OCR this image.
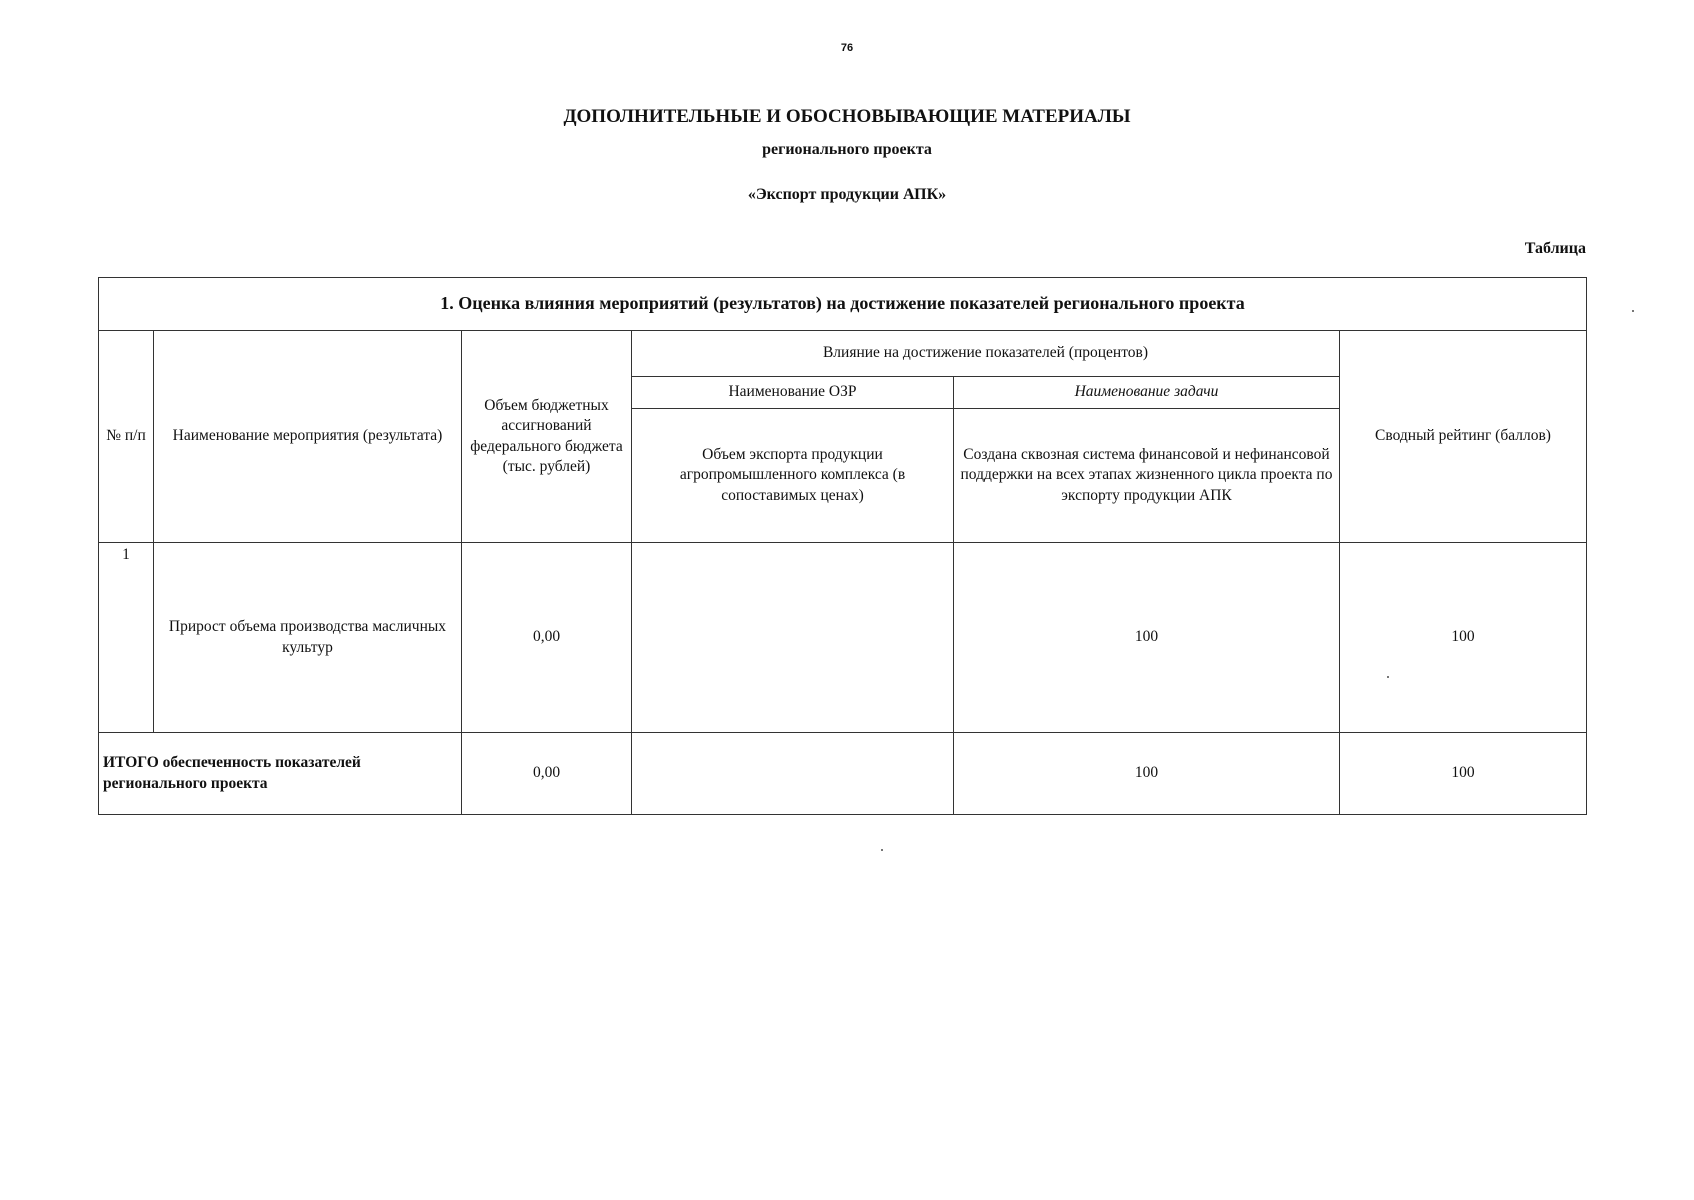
76
ДОПОЛНИТЕЛЬНЫЕ И ОБОСНОВЫВАЮЩИЕ МАТЕРИАЛЫ
регионального проекта
«Экспорт продукции АПК»
Таблица
1. Оценка влияния мероприятий (результатов) на достижение показателей регионального проекта					
№ п/п	Наименование мероприятия (результата)	Объем бюджетных ассигнований федерального бюджета (тыс. рублей)	Влияние на достижение показателей (процентов)		Сводный рейтинг (баллов)
			Наименование ОЗР	Наименование задачи	
			Объем экспорта продукции агропромышленного комплекса (в сопоставимых ценах)	Создана сквозная система финансовой и нефинансовой поддержки на всех этапах жизненного цикла проекта по экспорту продукции АПК	
1	Прирост объема производства масличных культур	0,00		100	100
ИТОГО обеспеченность показателей регионального проекта		0,00		100	100
